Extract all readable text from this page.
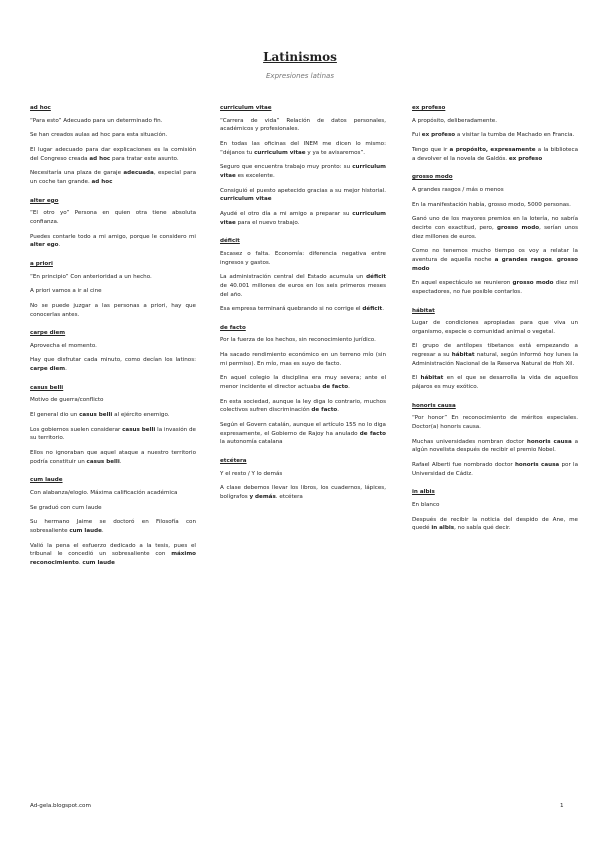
Latinismos
Expresiones latinas
ad hoc
“Para esto” Adecuado para un determinado fin.
Se han creados aulas ad hoc para esta situación.
El lugar adecuado para dar explicaciones es la comisión del Congreso creada ad hoc para tratar este asunto.
Necesitaría una plaza de garaje adecuada, especial para un coche tan grande. ad hoc
alter ego
“El otro yo” Persona en quien otra tiene absoluta confianza.
Puedes contarle todo a mi amigo, porque le considero mi alter ego.
a priori
“En principio” Con anterioridad a un hecho.
A priori vamos a ir al cine
No se puede juzgar a las personas a priori, hay que conocerlas antes.
carpe diem
Aprovecha el momento.
Hay que disfrutar cada minuto, como decían los latinos: carpe diem.
casus belli
Motivo de guerra/conflicto
El general dio un casus belli al ejército enemigo.
Los gobiernos suelen considerar casus belli la invasión de su territorio.
Ellos no ignoraban que aquel ataque a nuestro territorio podría constituir un casus belli.
cum laude
Con alabanza/elogio. Máxima calificación académica
Se graduó con cum laude
Su hermano Jaime se doctoró en Filosofía con sobresaliente cum laude.
Valió la pena el esfuerzo dedicado a la tesis, pues el tribunal le concedió un sobresaliente con máximo reconocimiento. cum laude
curriculum vitae
“Carrera de vida” Relación de datos personales, académicos y profesionales.
En todas las oficinas del INEM me dicen lo mismo: “déjanos tu curriculum vitae y ya te avisaremos”.
Seguro que encuentra trabajo muy pronto: su curriculum vitae es excelente.
Consiguió el puesto apetecido gracias a su mejor historial. curriculum vitae
Ayudé el otro día a mi amigo a preparar su curriculum vitae para el nuevo trabajo.
déficit
Escasez o falta. Economía: diferencia negativa entre ingresos y gastos.
La administración central del Estado acumula un déficit de 40.001 millones de euros en los seis primeros meses del año.
Esa empresa terminará quebrando si no corrige el déficit.
de facto
Por la fuerza de los hechos, sin reconocimiento jurídico.
Ha sacado rendimiento económico en un terreno mío (sin mi permiso). En mío, mas es suyo de facto.
En aquel colegio la disciplina era muy severa; ante el menor incidente el director actuaba de facto.
En esta sociedad, aunque la ley diga lo contrario, muchos colectivos sufren discriminación de facto.
Según el Govern catalán, aunque el artículo 155 no lo diga expresamente, el Gobierno de Rajoy ha anulado de facto la autonomía catalana
etcétera
Y el resto / Y lo demás
A clase debemos llevar los libros, los cuadernos, lápices, bolígrafos y demás. etcétera
ex profeso
A propósito, deliberadamente.
Fui ex profeso a visitar la tumba de Machado en Francia.
Tengo que ir a propósito, expresamente a la biblioteca a devolver el la novela de Galdós. ex profeso
grosso modo
A grandes rasgos / más o menos
En la manifestación había, grosso modo, 5000 personas.
Ganó uno de los mayores premios en la lotería, no sabría decirte con exactitud, pero, grosso modo, serían unos diez millones de euros.
Como no tenemos mucho tiempo os voy a relatar la aventura de aquella noche a grandes rasgos. grosso modo
En aquel espectáculo se reunieron grosso modo diez mil espectadores, no fue posible contarlos.
hábitat
Lugar de condiciones apropiadas para que viva un organismo, especie o comunidad animal o vegetal.
El grupo de antílopes tibetanos está empezando a regresar a su hábitat natural, según informó hoy lunes la Administración Nacional de la Reserva Natural de Hoh Xil.
El hábitat en el que se desarrolla la vida de aquellos pájaros es muy exótico.
honoris causa
“Por honor” En reconocimiento de méritos especiales. Doctor(a) honoris causa.
Muchas universidades nombran doctor honoris causa a algún novelista después de recibir el premio Nobel.
Rafael Alberti fue nombrado doctor honoris causa por la Universidad de Cádiz.
in albis
En blanco
Después de recibir la noticia del despido de Ane, me quedé in albis, no sabía qué decir.
Ad-gela.blogspot.com	1
